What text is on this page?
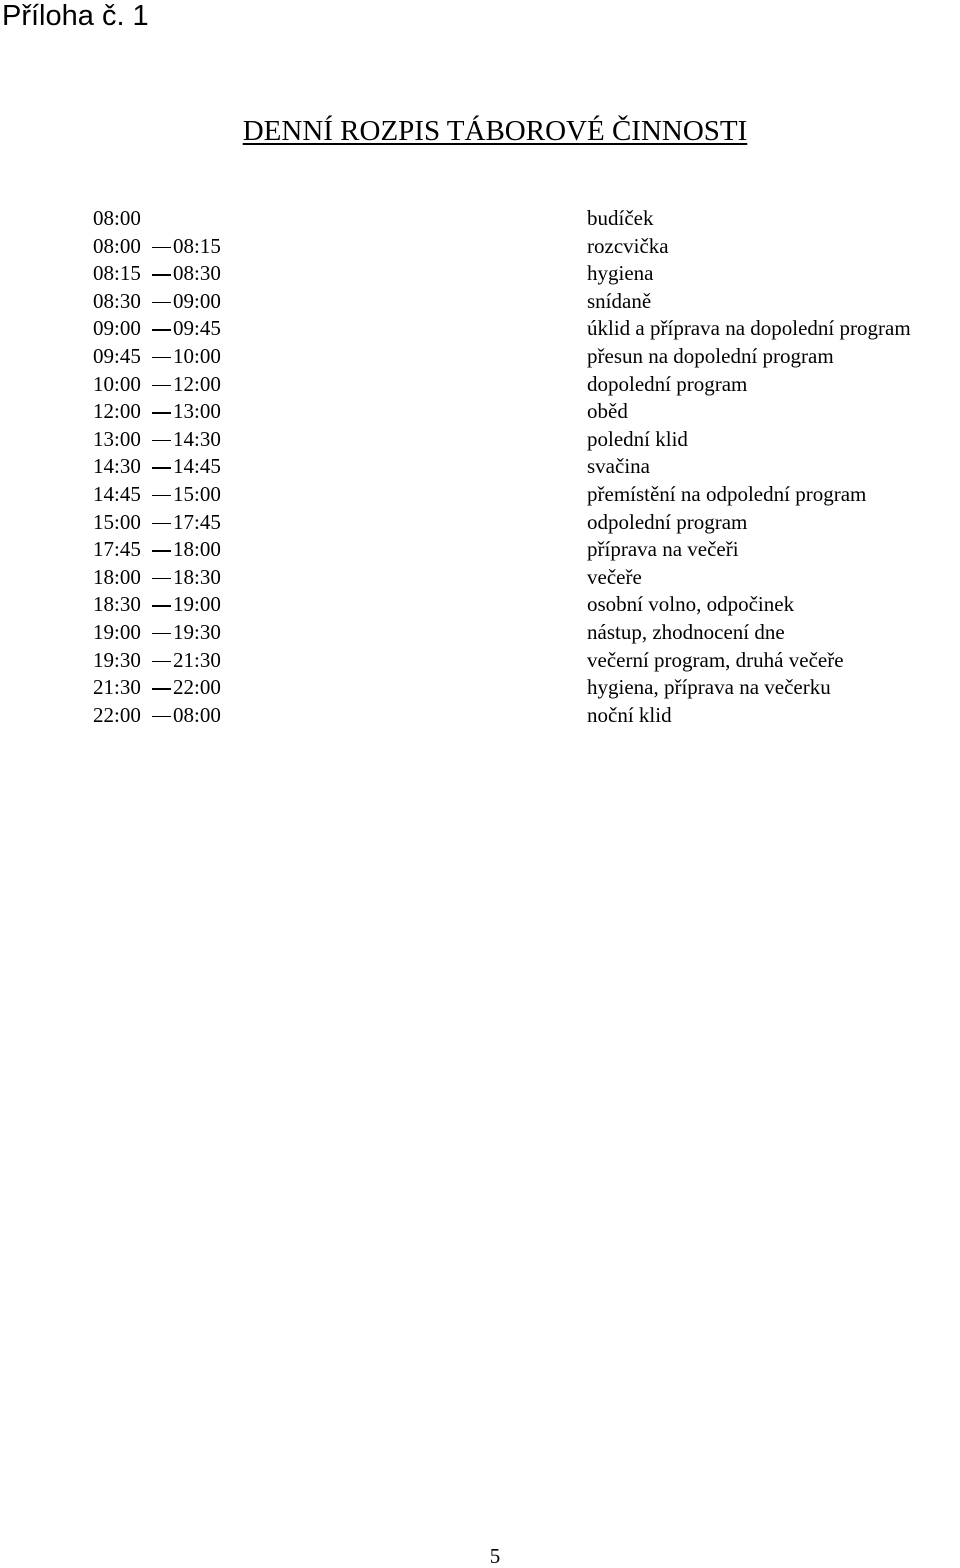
Příloha č. 1
DENNÍ ROZPIS TÁBOROVÉ ČINNOSTI
08:00	budíček
08:00 08:15	rozcvička
08:15 08:30	hygiena
08:30 09:00	snídaně
09:00 09:45	úklid a příprava na dopolední program
09:45 10:00	přesun na dopolední program
10:00 12:00	dopolední program
12:00 13:00	oběd
13:00 14:30	polední klid
14:30 14:45	svačina
14:45 15:00	přemístění na odpolední program
15:00 17:45	odpolední program
17:45 18:00	příprava na večeři
18:00 18:30	večeře
18:30 19:00	osobní volno, odpočinek
19:00 19:30	nástup, zhodnocení dne
19:30 21:30	večerní program, druhá večeře
21:30 22:00	hygiena, příprava na večerku
22:00 08:00	noční klid
5
